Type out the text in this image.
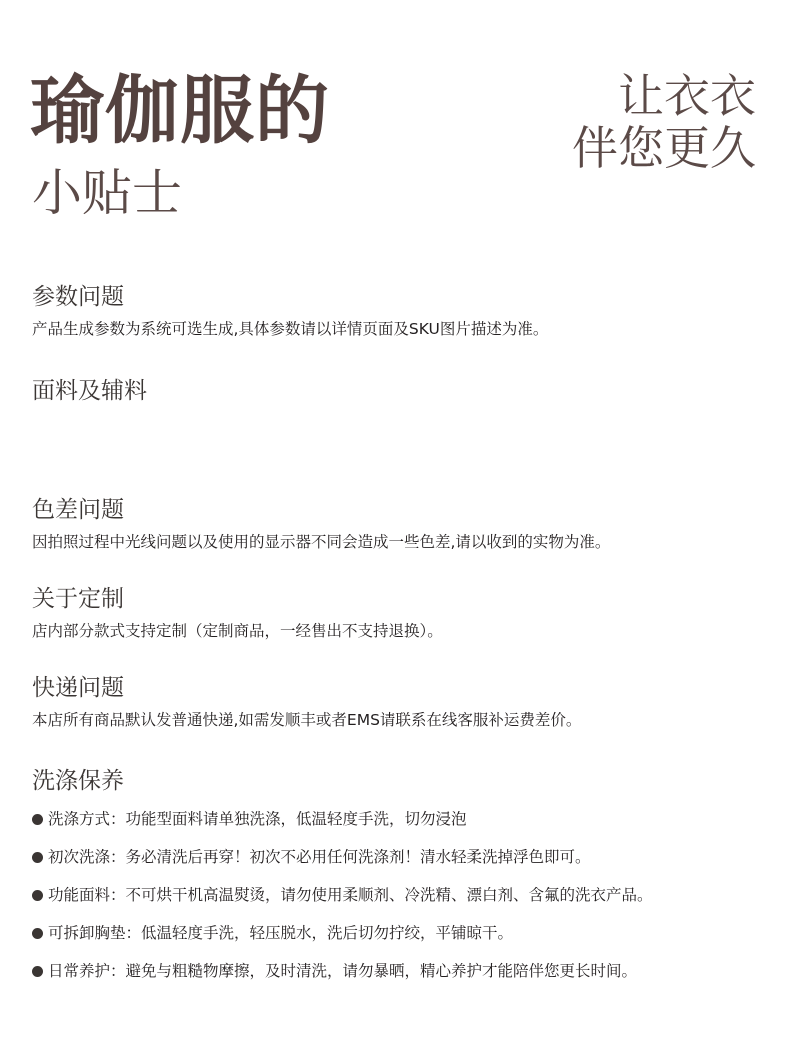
瑜伽服的
小贴士
让衣衣
伴您更久
参数问题

产品生成参数为系统可选生成,具体参数请以详情页面及SKU图片描述为准。

面料及辅料
色差问题

因拍照过程中光线问题以及使用的显示器不同会造成一些色差,请以收到的实物为准。

关于定制

店内部分款式支持定制（定制商品，一经售出不支持退换）。

快递问题

本店所有商品默认发普通快递,如需发顺丰或者EMS请联系在线客服补运费差价。

洗涤保养
洗涤方式：功能型面料请单独洗涤，低温轻度手洗，切勿浸泡
初次洗涤：务必清洗后再穿！初次不必用任何洗涤剂！清水轻柔洗掉浮色即可。
功能面料：不可烘干机高温熨烫，请勿使用柔顺剂、冷洗精、漂白剂、含氟的洗衣产品。
可拆卸胸垫：低温轻度手洗，轻压脱水，洗后切勿拧绞，平铺晾干。
日常养护：避免与粗糙物摩擦，及时清洗，请勿暴晒，精心养护才能陪伴您更长时间。
